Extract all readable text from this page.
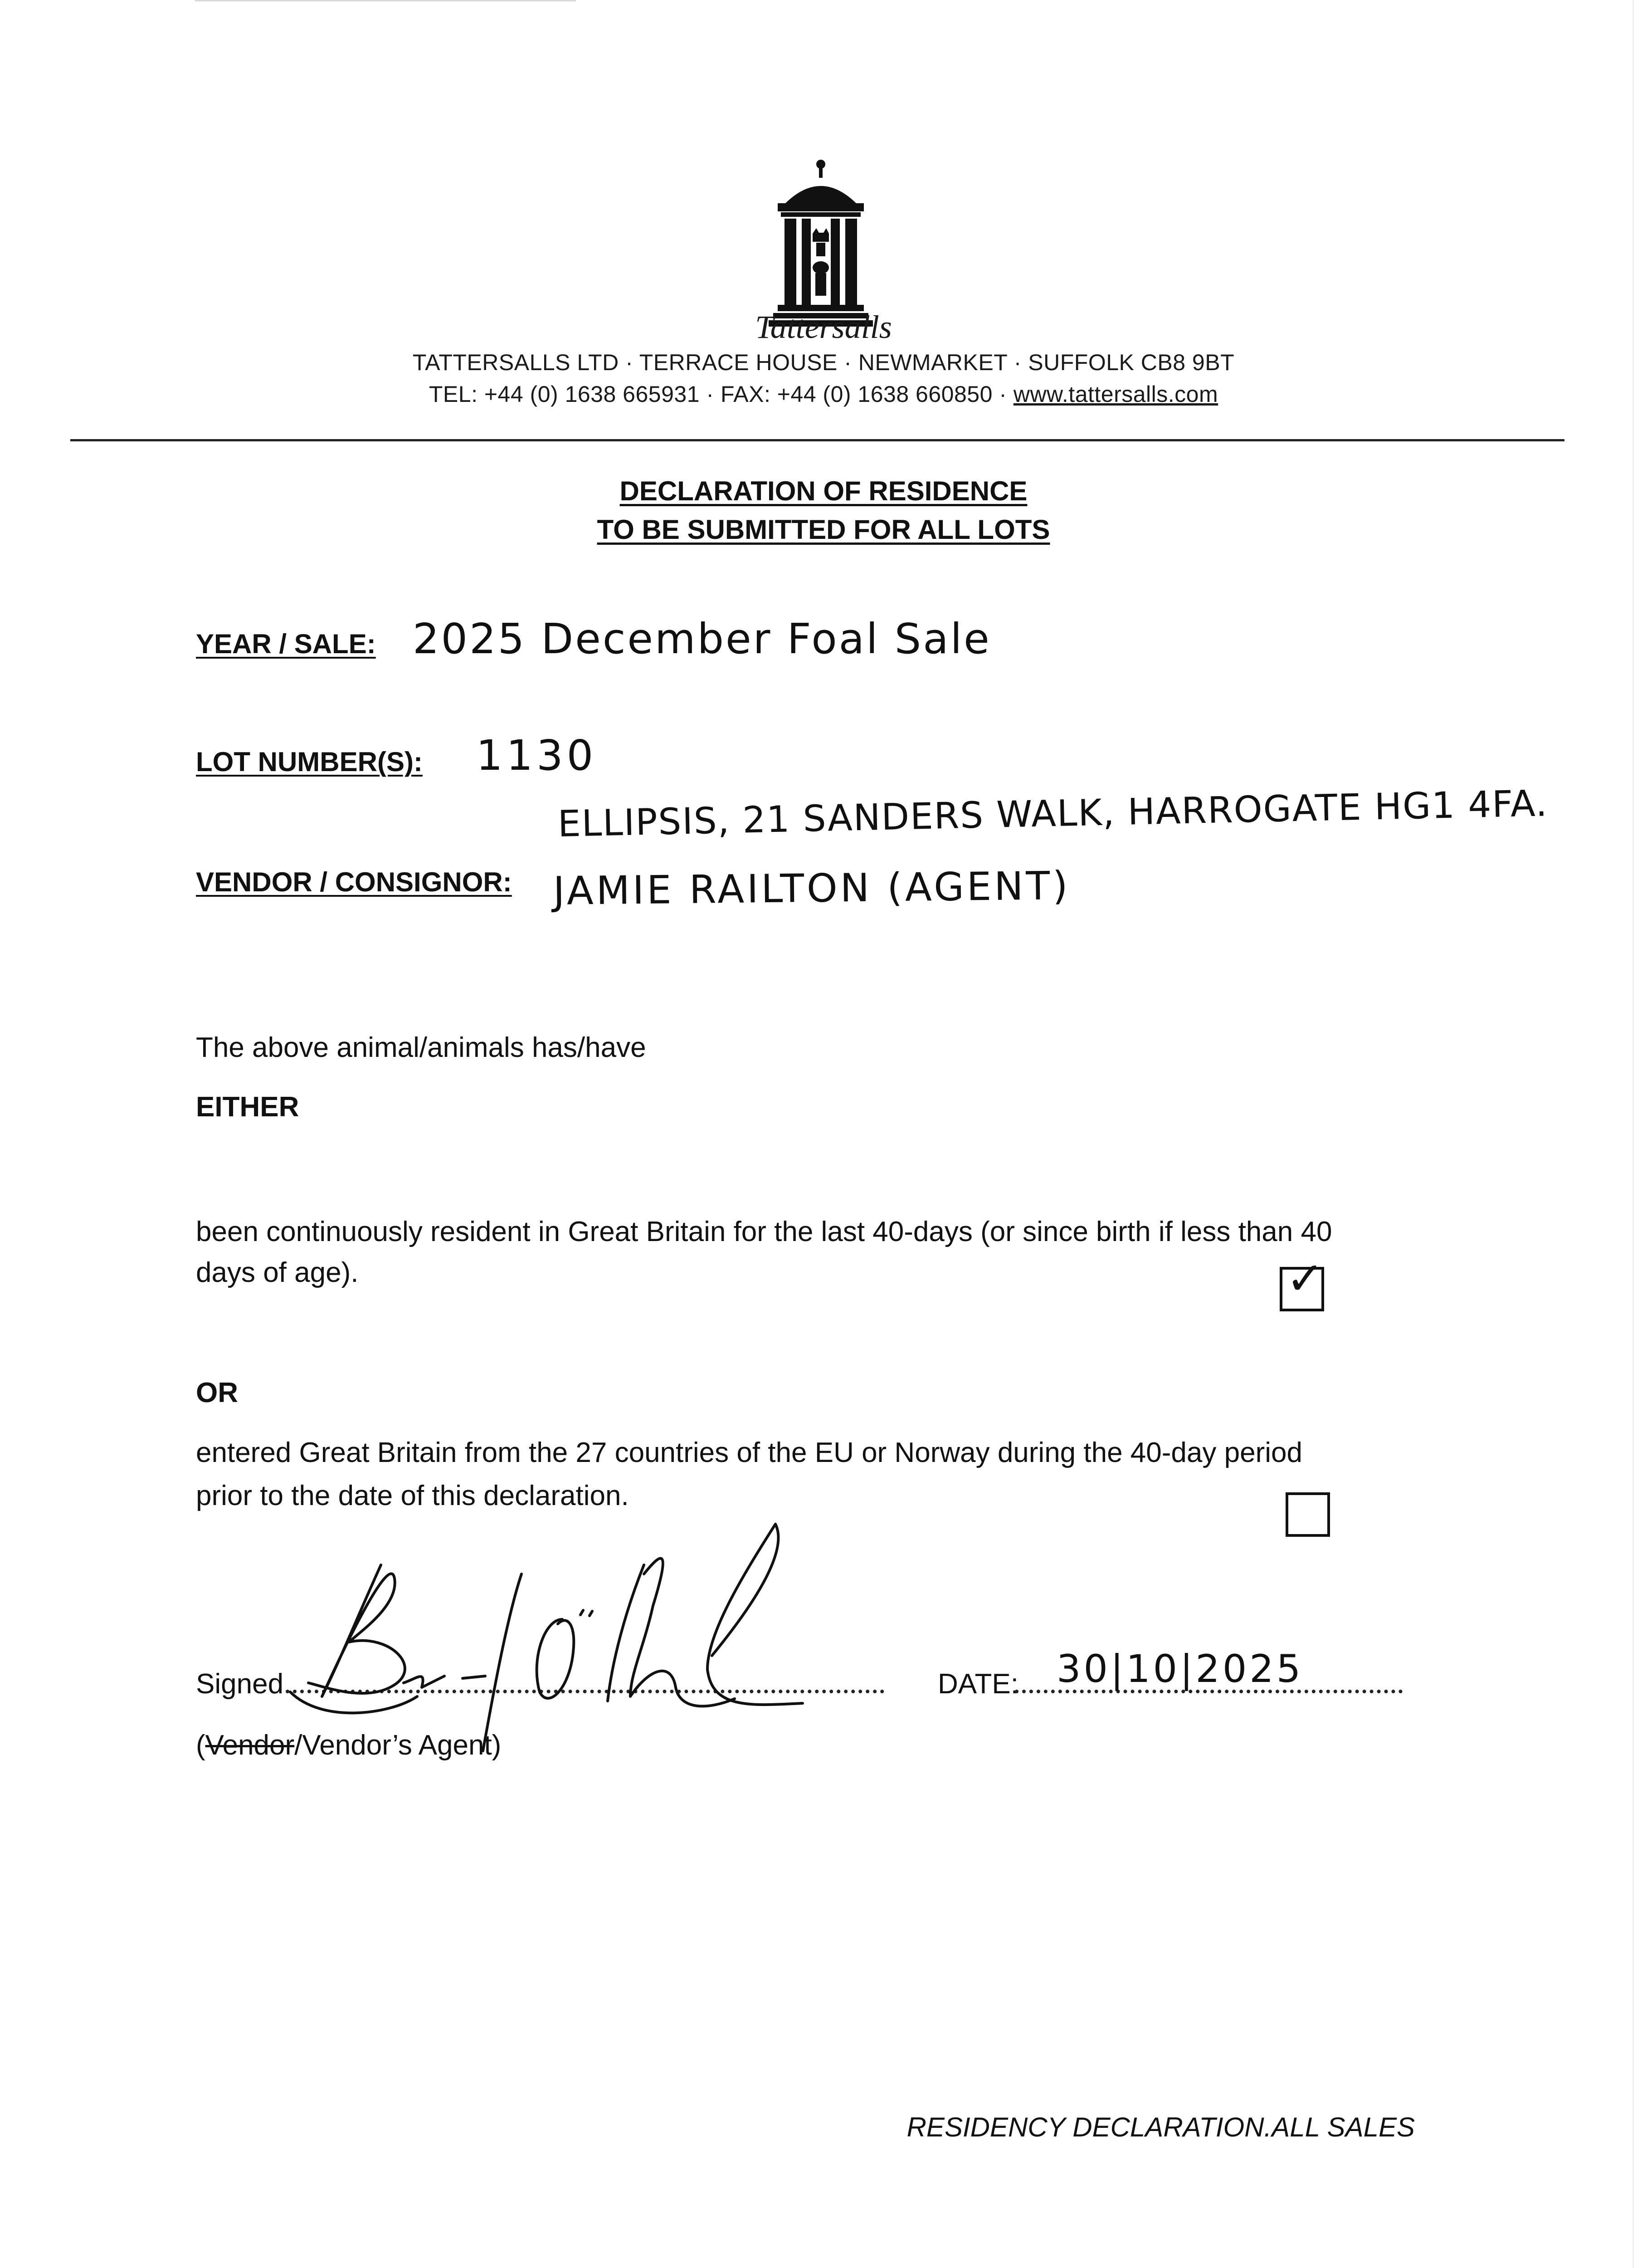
Tattersalls
TATTERSALLS LTD · TERRACE HOUSE · NEWMARKET · SUFFOLK CB8 9BT
TEL: +44 (0) 1638 665931 · FAX: +44 (0) 1638 660850 · www.tattersalls.com
DECLARATION OF RESIDENCE
TO BE SUBMITTED FOR ALL LOTS
YEAR / SALE: 2025 December Foal Sale
LOT NUMBER(S): 1130
VENDOR / CONSIGNOR:
ELLIPSIS, 21 SANDERS WALK, HARROGATE HG1 4FA.
JAMIE RAILTON (AGENT)
The above animal/animals has/have
EITHER
been continuously resident in Great Britain for the last 40-days (or since birth if less than 40
days of age).	✓
OR
entered Great Britain from the 27 countries of the EU or Norway during the 40-day period
prior to the date of this declaration.
Signed	DATE: 30|10|2025
(Vendor/Vendor’s Agent)
RESIDENCY DECLARATION.ALL SALES
